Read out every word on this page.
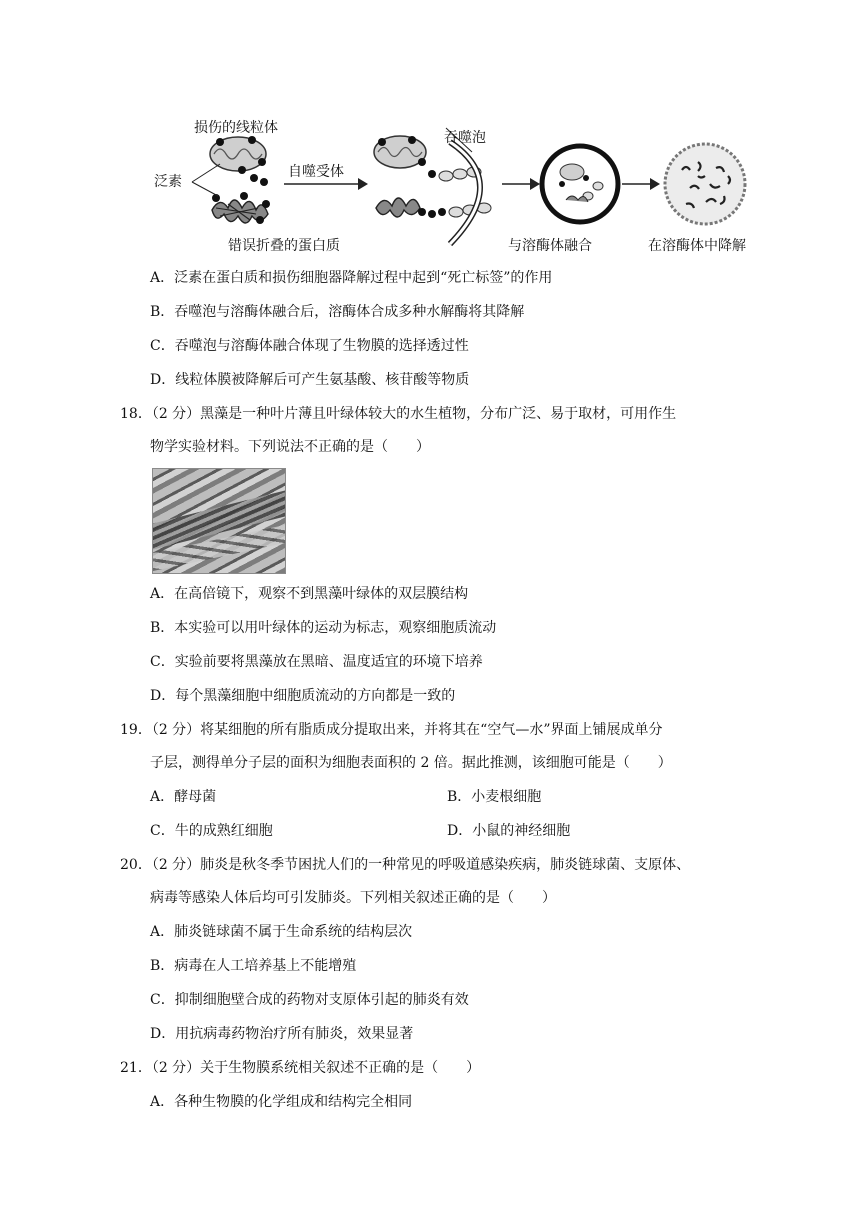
损伤的线粒体
泛素
自噬受体
吞噬泡
错误折叠的蛋白质	与溶酶体融合	在溶酶体中降解
A．泛素在蛋白质和损伤细胞器降解过程中起到“死亡标签”的作用
B．吞噬泡与溶酶体融合后，溶酶体合成多种水解酶将其降解
C．吞噬泡与溶酶体融合体现了生物膜的选择透过性
D．线粒体膜被降解后可产生氨基酸、核苷酸等物质
18．（2 分）黑藻是一种叶片薄且叶绿体较大的水生植物，分布广泛、易于取材，可用作生
物学实验材料。下列说法不正确的是（　　）
A．在高倍镜下，观察不到黑藻叶绿体的双层膜结构
B．本实验可以用叶绿体的运动为标志，观察细胞质流动
C．实验前要将黑藻放在黑暗、温度适宜的环境下培养
D．每个黑藻细胞中细胞质流动的方向都是一致的
19．（2 分）将某细胞的所有脂质成分提取出来，并将其在“空气—水”界面上铺展成单分
子层，测得单分子层的面积为细胞表面积的 2 倍。据此推测，该细胞可能是（　　）
A．酵母菌	B．小麦根细胞
C．牛的成熟红细胞	D．小鼠的神经细胞
20．（2 分）肺炎是秋冬季节困扰人们的一种常见的呼吸道感染疾病，肺炎链球菌、支原体、
病毒等感染人体后均可引发肺炎。下列相关叙述正确的是（　　）
A．肺炎链球菌不属于生命系统的结构层次
B．病毒在人工培养基上不能增殖
C．抑制细胞壁合成的药物对支原体引起的肺炎有效
D．用抗病毒药物治疗所有肺炎，效果显著
21．（2 分）关于生物膜系统相关叙述不正确的是（　　）
A．各种生物膜的化学组成和结构完全相同
